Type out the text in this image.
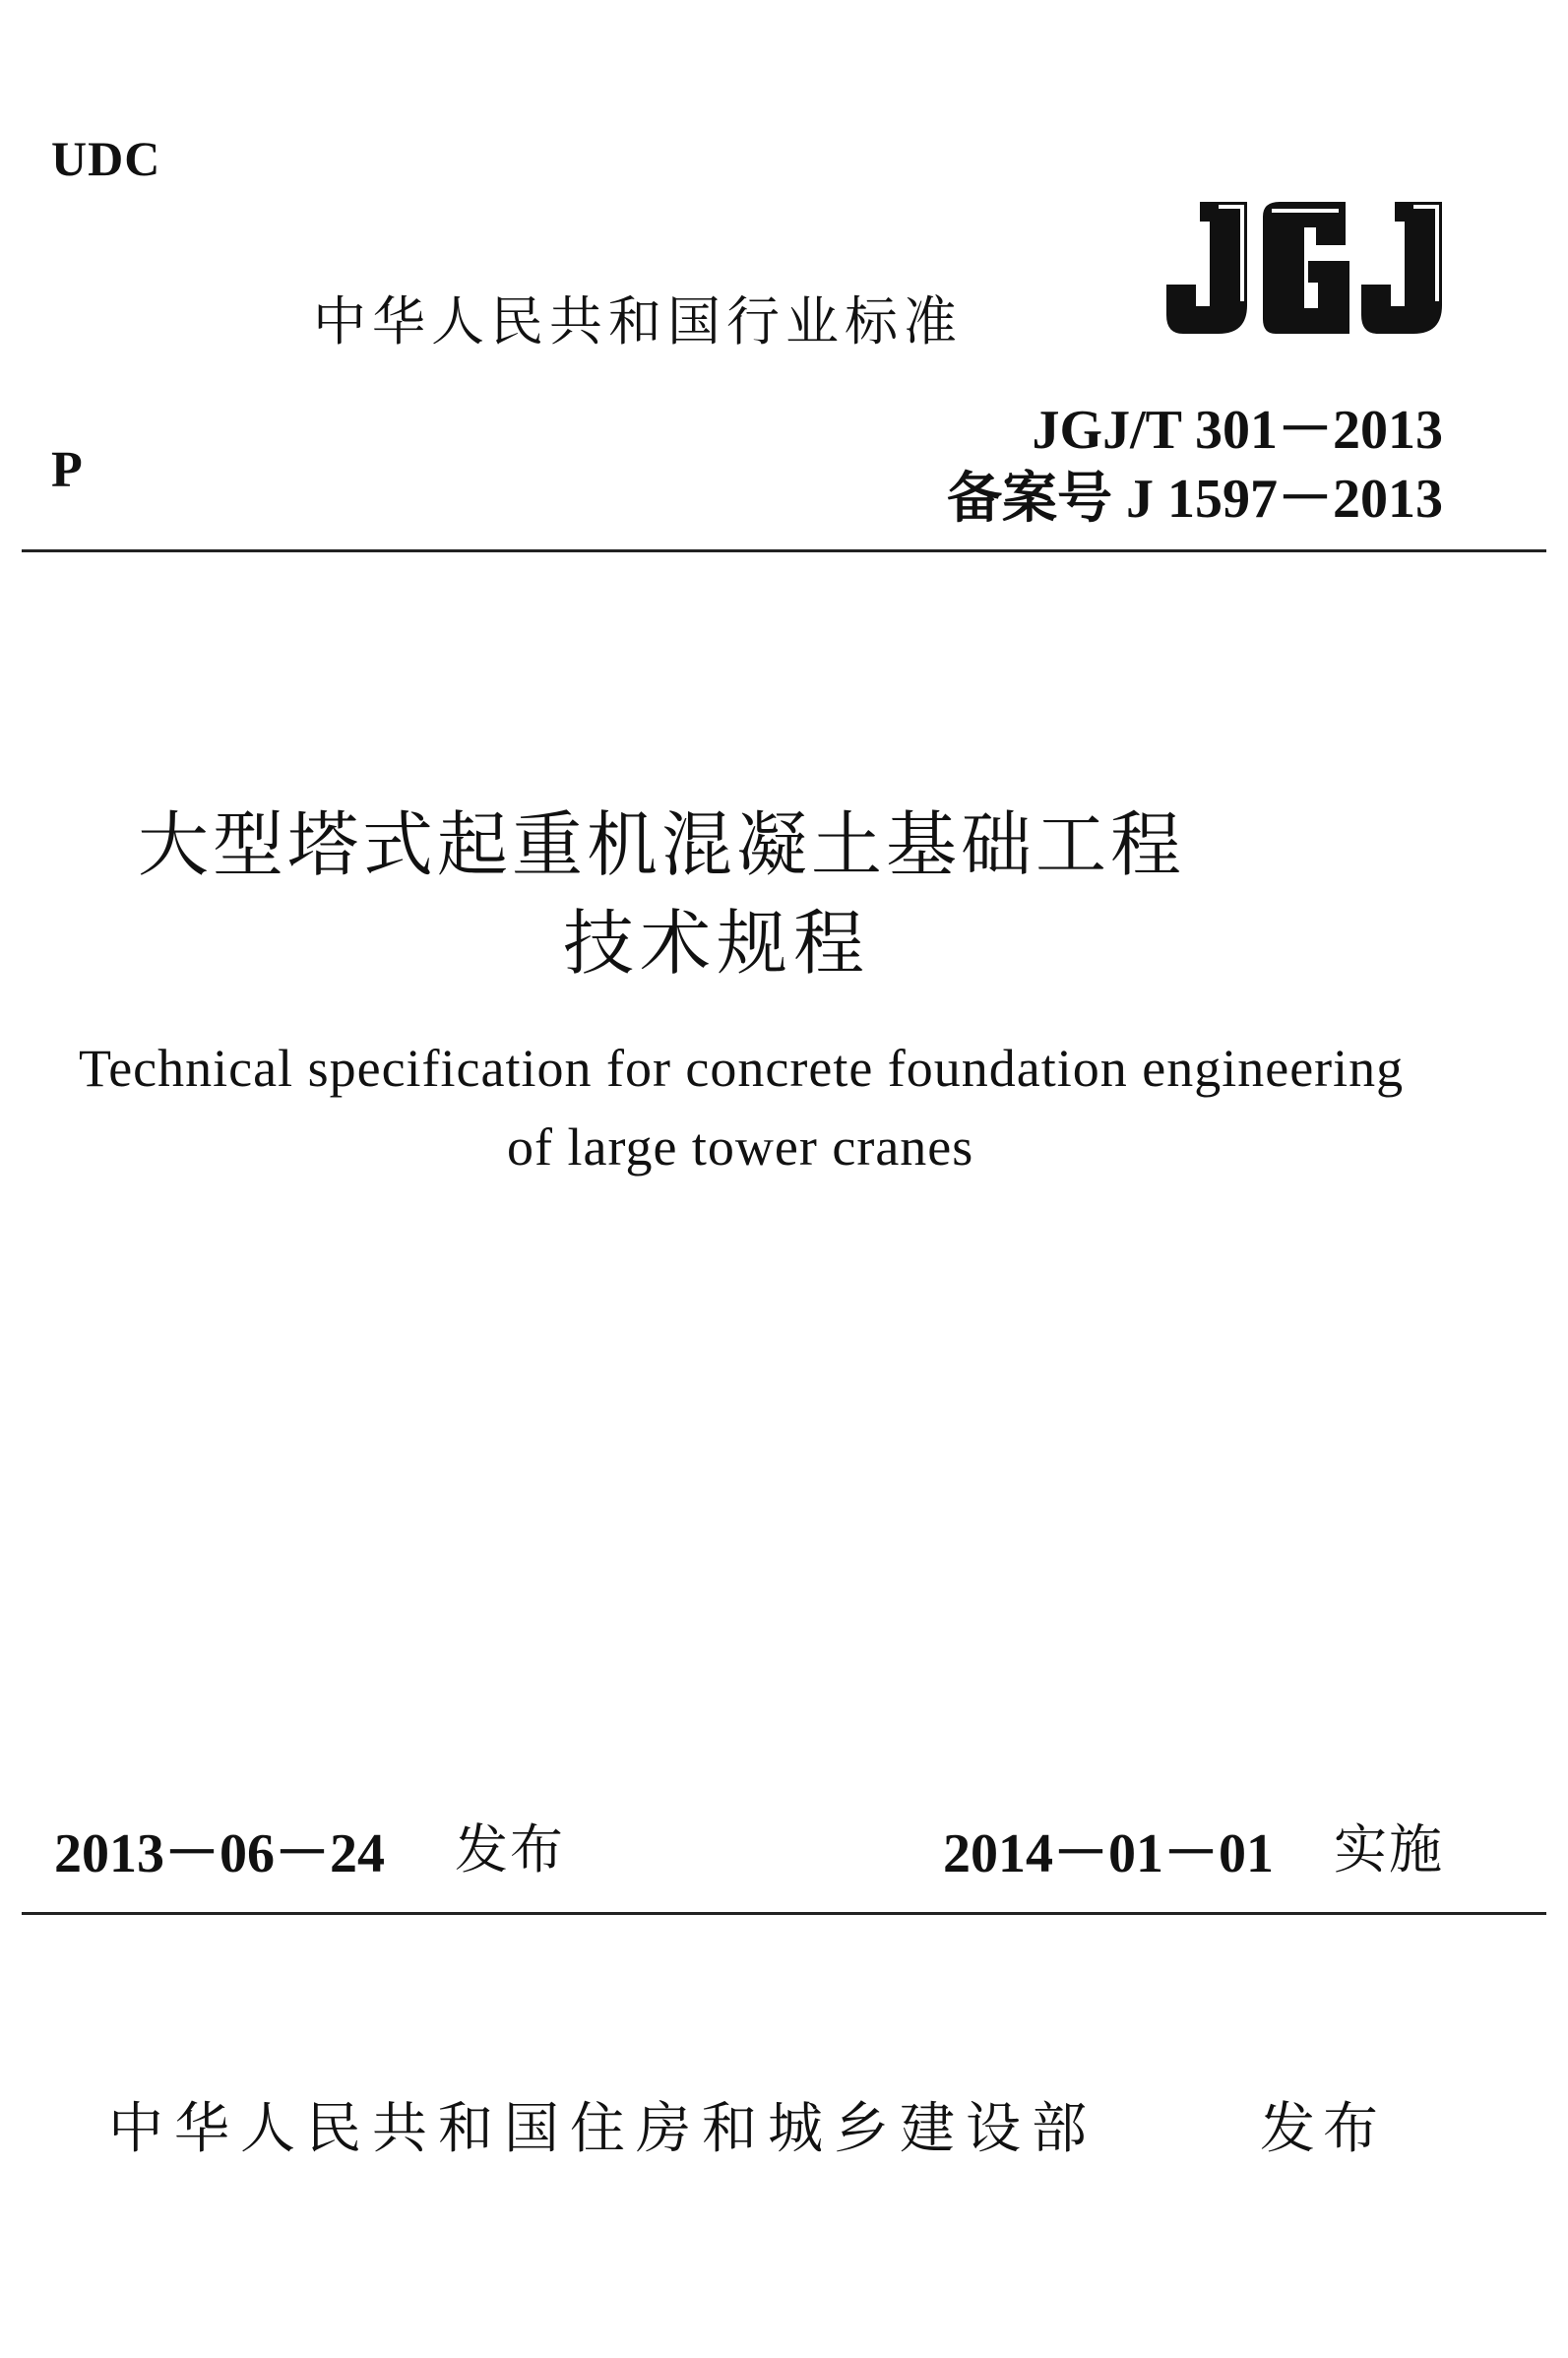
UDC
中华人民共和国行业标准
JGJ
P
JGJ/T 301－2013
备案号 J 1597－2013
大型塔式起重机混凝土基础工程
技术规程
Technical specification for concrete foundation engineering
of large tower cranes
2013－06－24 发布	2014－01－01 实施
中华人民共和国住房和城乡建设部	发布
